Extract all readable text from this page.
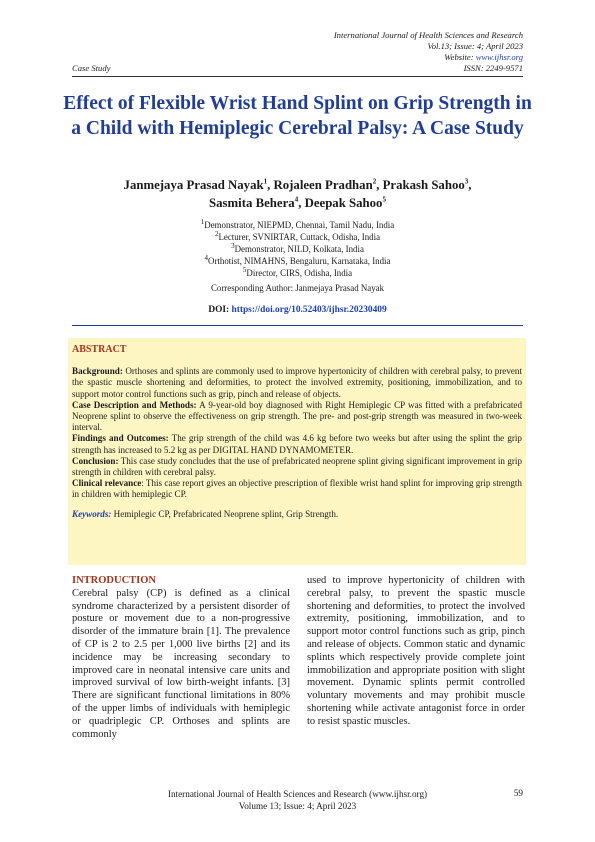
International Journal of Health Sciences and Research
Vol.13; Issue: 4; April 2023
Website: www.ijhsr.org
ISSN: 2249-9571
Case Study
Effect of Flexible Wrist Hand Splint on Grip Strength in a Child with Hemiplegic Cerebral Palsy: A Case Study
Janmejaya Prasad Nayak$^1$, Rojaleen Pradhan$^2$, Prakash Sahoo$^3$,
Sasmita Behera$^4$, Deepak Sahoo$^5$
$^1$Demonstrator, NIEPMD, Chennai, Tamil Nadu, India
$^2$Lecturer, SVNIRTAR, Cuttack, Odisha, India
$^3$Demonstrator, NILD, Kolkata, India
$^4$Orthotist, NIMAHNS, Bengaluru, Karnataka, India
$^5$Director, CIRS, Odisha, India
Corresponding Author: Janmejaya Prasad Nayak
DOI: https://doi.org/10.52403/ijhsr.20230409
ABSTRACT

Background: Orthoses and splints are commonly used to improve hypertonicity of children with cerebral palsy, to prevent the spastic muscle shortening and deformities, to protect the involved extremity, positioning, immobilization, and to support motor control functions such as grip, pinch and release of objects.

Case Description and Methods: A 9-year-old boy diagnosed with Right Hemiplegic CP was fitted with a prefabricated Neoprene splint to observe the effectiveness on grip strength. The pre- and post-grip strength was measured in two-week interval.

Findings and Outcomes: The grip strength of the child was 4.6 kg before two weeks but after using the splint the grip strength has increased to 5.2 kg as per DIGITAL HAND DYNAMOMETER.

Conclusion: This case study concludes that the use of prefabricated neoprene splint giving significant improvement in grip strength in children with cerebral palsy.

Clinical relevance: This case report gives an objective prescription of flexible wrist hand splint for improving grip strength in children with hemiplegic CP.

Keywords: Hemiplegic CP, Prefabricated Neoprene splint, Grip Strength.

INTRODUCTION
Cerebral palsy (CP) is defined as a clinical syndrome characterized by a persistent disorder of posture or movement due to a non-progressive disorder of the immature brain [1]. The prevalence of CP is 2 to 2.5 per 1,000 live births [2] and its incidence may be increasing secondary to improved care in neonatal intensive care units and improved survival of low birth-weight infants. [3] There are significant functional limitations in 80% of the upper limbs of individuals with hemiplegic or quadriplegic CP. Orthoses and splints are commonly
used to improve hypertonicity of children with cerebral palsy, to prevent the spastic muscle shortening and deformities, to protect the involved extremity, positioning, immobilization, and to support motor control functions such as grip, pinch and release of objects. Common static and dynamic splints which respectively provide complete joint immobilization and appropriate position with slight movement. Dynamic splints permit controlled voluntary movements and may prohibit muscle shortening while activate antagonist force in order to resist spastic muscles.
International Journal of Health Sciences and Research (www.ijhsr.org)
Volume 13; Issue: 4; April 2023
59
